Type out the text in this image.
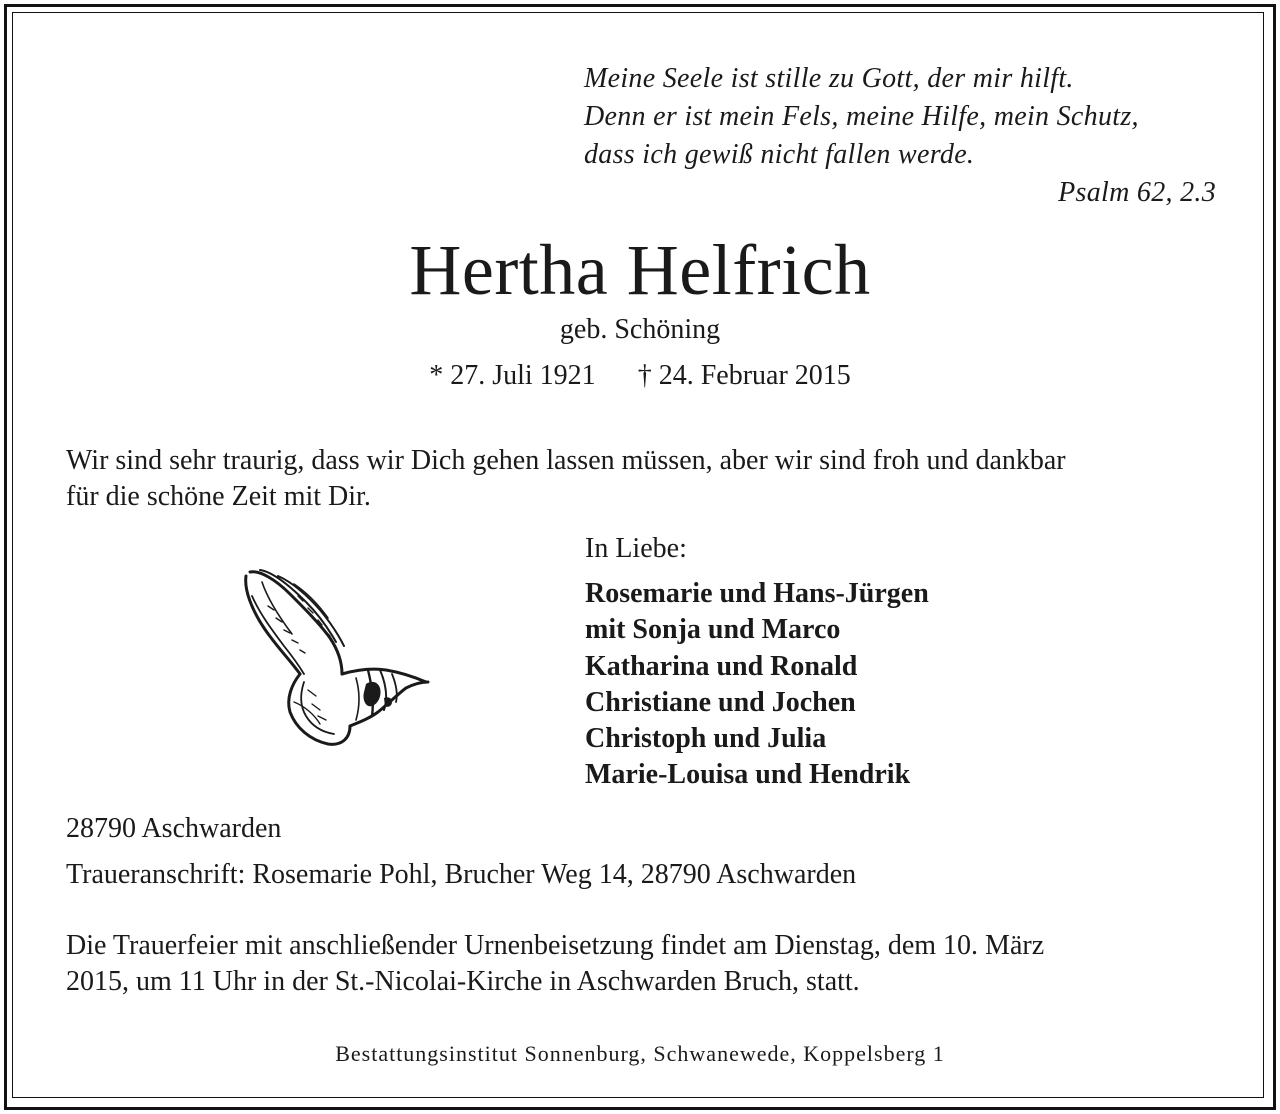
Meine Seele ist stille zu Gott, der mir hilft.
Denn er ist mein Fels, meine Hilfe, mein Schutz,
dass ich gewiß nicht fallen werde.
Psalm 62, 2.3
Hertha Helfrich
geb. Schöning
* 27. Juli 1921 † 24. Februar 2015
Wir sind sehr traurig, dass wir Dich gehen lassen müssen, aber wir sind froh und dankbar
für die schöne Zeit mit Dir.
In Liebe:
Rosemarie und Hans-Jürgen
mit Sonja und Marco
Katharina und Ronald
Christiane und Jochen
Christoph und Julia
Marie-Louisa und Hendrik
28790 Aschwarden
Traueranschrift: Rosemarie Pohl, Brucher Weg 14, 28790 Aschwarden
Die Trauerfeier mit anschließender Urnenbeisetzung findet am Dienstag, dem 10. März
2015, um 11 Uhr in der St.-Nicolai-Kirche in Aschwarden Bruch, statt.
Bestattungsinstitut Sonnenburg, Schwanewede, Koppelsberg 1
